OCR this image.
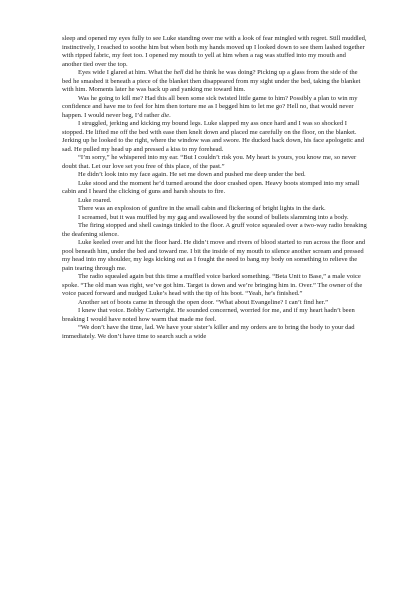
sleep and opened my eyes fully to see Luke standing over me with a look of fear mingled with regret. Still muddled, instinctively, I reached to soothe him but when both my hands moved up I looked down to see them lashed together with ripped fabric, my feet too. I opened my mouth to yell at him when a rag was stuffed into my mouth and another tied over the top.

Eyes wide I glared at him. What the hell did he think he was doing? Picking up a glass from the side of the bed he smashed it beneath a piece of the blanket then disappeared from my sight under the bed, taking the blanket with him. Moments later he was back up and yanking me toward him.

Was he going to kill me? Had this all been some sick twisted little game to him? Possibly a plan to win my confidence and have me to feel for him then torture me as I begged him to let me go? Hell no, that would never happen. I would never beg, I’d rather die.

I struggled, jerking and kicking my bound legs. Luke slapped my ass once hard and I was so shocked I stopped. He lifted me off the bed with ease then knelt down and placed me carefully on the floor, on the blanket. Jerking up he looked to the right, where the window was and swore. He ducked back down, his face apologetic and sad. He pulled my head up and pressed a kiss to my forehead.

“I’m sorry,” he whispered into my ear. “But I couldn’t risk you. My heart is yours, you know me, so never doubt that. Let our love set you free of this place, of the past.”

He didn’t look into my face again. He set me down and pushed me deep under the bed.

Luke stood and the moment he’d turned around the door crashed open. Heavy boots stomped into my small cabin and I heard the clicking of guns and harsh shouts to fire.

Luke roared.

There was an explosion of gunfire in the small cabin and flickering of bright lights in the dark.

I screamed, but it was muffled by my gag and swallowed by the sound of bullets slamming into a body.

The firing stopped and shell casings tinkled to the floor. A gruff voice squealed over a two-way radio breaking the deafening silence.

Luke keeled over and hit the floor hard. He didn’t move and rivers of blood started to run across the floor and pool beneath him, under the bed and toward me. I bit the inside of my mouth to silence another scream and pressed my head into my shoulder, my legs kicking out as I fought the need to bang my body on something to relieve the pain tearing through me.

The radio squealed again but this time a muffled voice barked something. “Beta Unit to Base,” a male voice spoke. “The old man was right, we’ve got him. Target is down and we’re bringing him in. Over.” The owner of the voice paced forward and nudged Luke’s head with the tip of his boot. “Yeah, he’s finished.”

Another set of boots came in through the open door. “What about Evangeline? I can’t find her.”

I knew that voice. Bobby Cartwright. He sounded concerned, worried for me, and if my heart hadn’t been breaking I would have noted how warm that made me feel.

“We don’t have the time, lad. We have your sister’s killer and my orders are to bring the body to your dad immediately. We don’t have time to search such a wide
